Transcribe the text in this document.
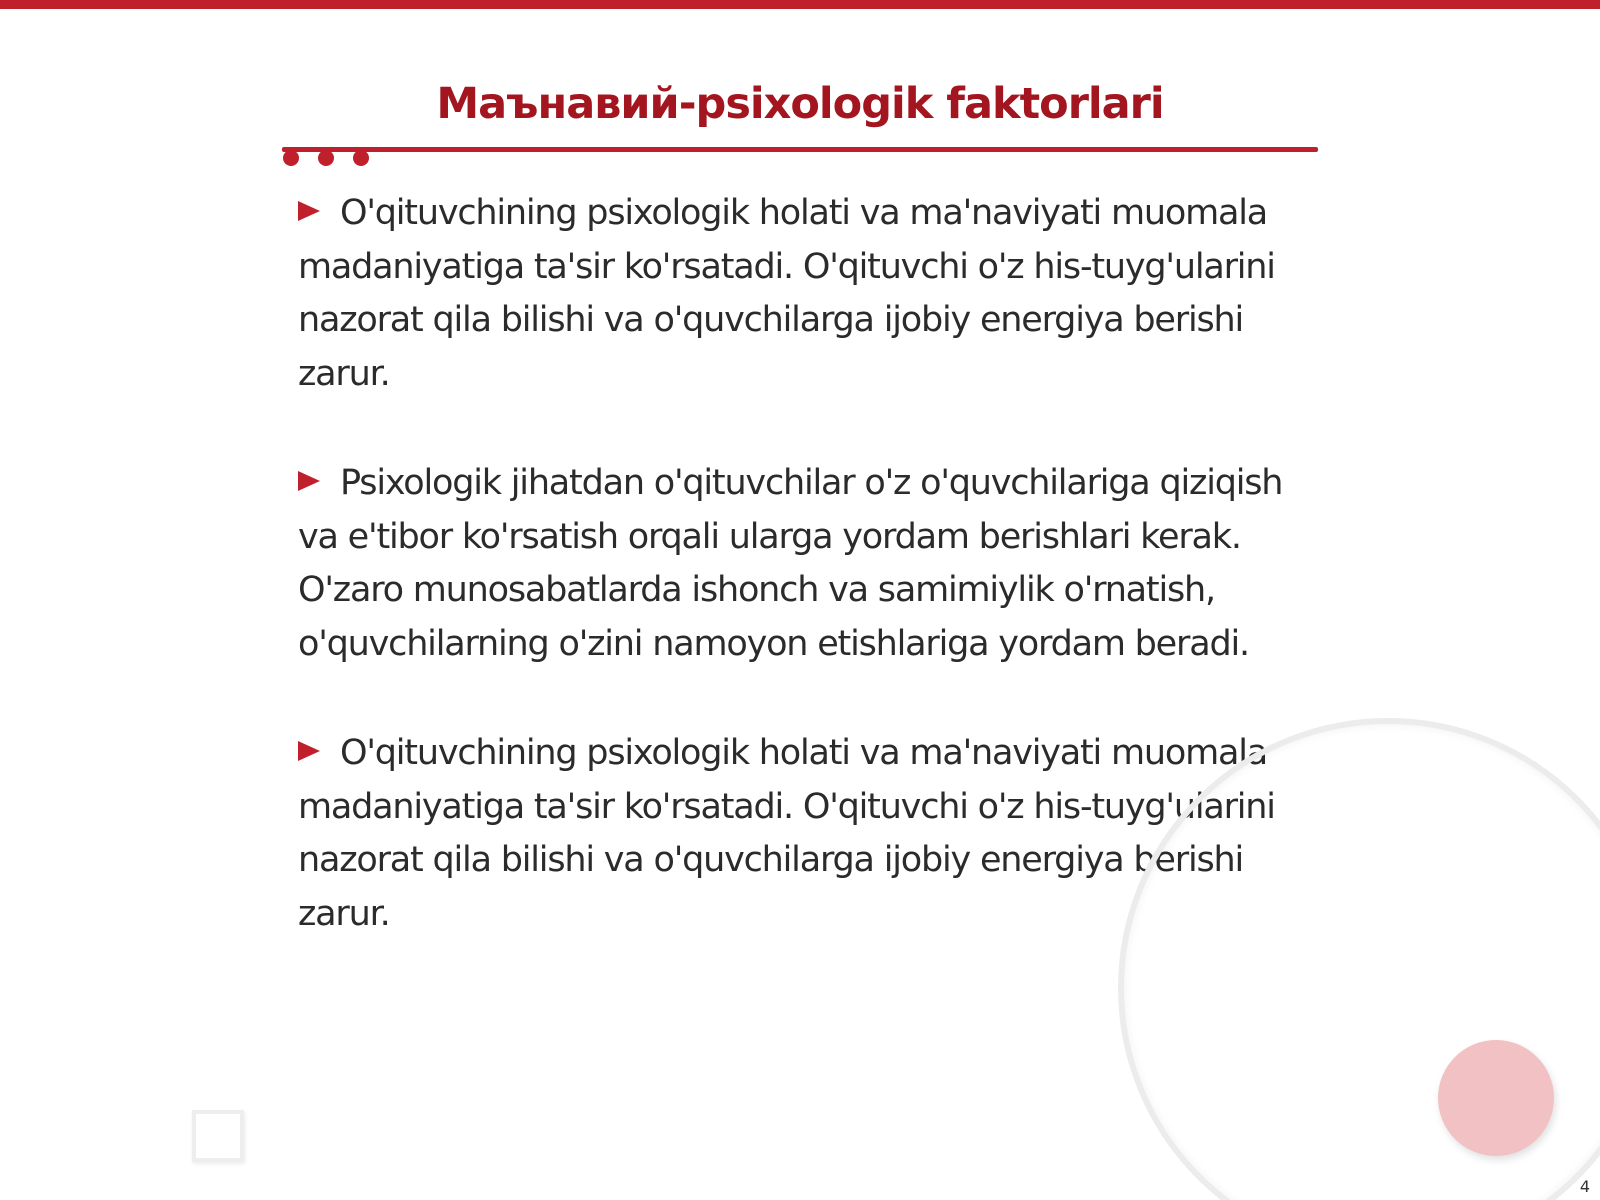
Маънавий-psixologik faktorlari
O'qituvchining psixologik holati va ma'naviyati muomala madaniyatiga ta'sir ko'rsatadi. O'qituvchi o'z his-tuyg'ularini nazorat qila bilishi va o'quvchilarga ijobiy energiya berishi zarur.
Psixologik jihatdan o'qituvchilar o'z o'quvchilariga qiziqish va e'tibor ko'rsatish orqali ularga yordam berishlari kerak. O'zaro munosabatlarda ishonch va samimiylik o'rnatish, o'quvchilarning o'zini namoyon etishlariga yordam beradi.
O'qituvchining psixologik holati va ma'naviyati muomala madaniyatiga ta'sir ko'rsatadi. O'qituvchi o'z his-tuyg'ularini nazorat qila bilishi va o'quvchilarga ijobiy energiya berishi zarur.
4
